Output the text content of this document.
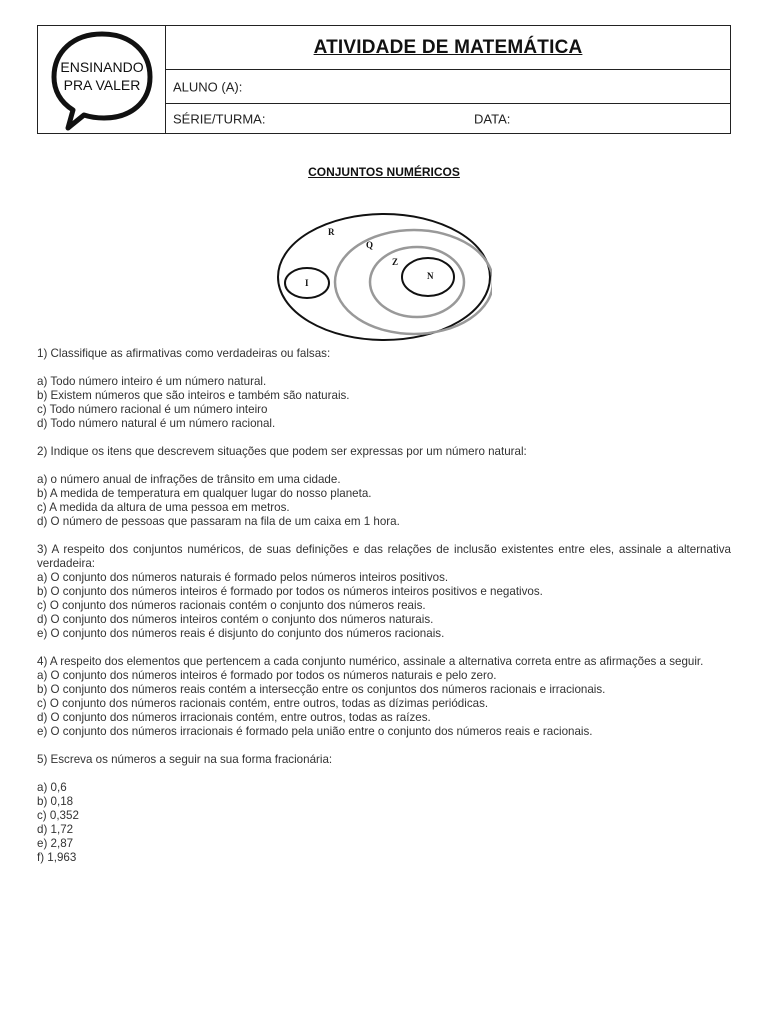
ENSINANDO
PRA VALER
ATIVIDADE DE MATEMÁTICA
ALUNO (A):
SÉRIE/TURMA:	DATA:
CONJUNTOS NUMÉRICOS
R
Q
Z
N
I

1) Classifique as afirmativas como verdadeiras ou falsas:

a) Todo número inteiro é um número natural.

b) Existem números que são inteiros e também são naturais.

c) Todo número racional é um número inteiro

d) Todo número natural é um número racional.

2) Indique os itens que descrevem situações que podem ser expressas por um número natural:

a) o número anual de infrações de trânsito em uma cidade.

b) A medida de temperatura em qualquer lugar do nosso planeta.

c) A medida da altura de uma pessoa em metros.

d) O número de pessoas que passaram na fila de um caixa em 1 hora.

3) A respeito dos conjuntos numéricos, de suas definições e das relações de inclusão existentes entre eles, assinale a alternativa verdadeira:

a) O conjunto dos números naturais é formado pelos números inteiros positivos.

b) O conjunto dos números inteiros é formado por todos os números inteiros positivos e negativos.

c) O conjunto dos números racionais contém o conjunto dos números reais.

d) O conjunto dos números inteiros contém o conjunto dos números naturais.

e) O conjunto dos números reais é disjunto do conjunto dos números racionais.

4) A respeito dos elementos que pertencem a cada conjunto numérico, assinale a alternativa correta entre as afirmações a seguir.

a) O conjunto dos números inteiros é formado por todos os números naturais e pelo zero.

b) O conjunto dos números reais contém a intersecção entre os conjuntos dos números racionais e irracionais.

c) O conjunto dos números racionais contém, entre outros, todas as dízimas periódicas.

d) O conjunto dos números irracionais contém, entre outros, todas as raízes.

e) O conjunto dos números irracionais é formado pela união entre o conjunto dos números reais e racionais.

5) Escreva os números a seguir na sua forma fracionária:

a) 0,6

b) 0,18

c) 0,352

d) 1,72

e) 2,87

f) 1,963
